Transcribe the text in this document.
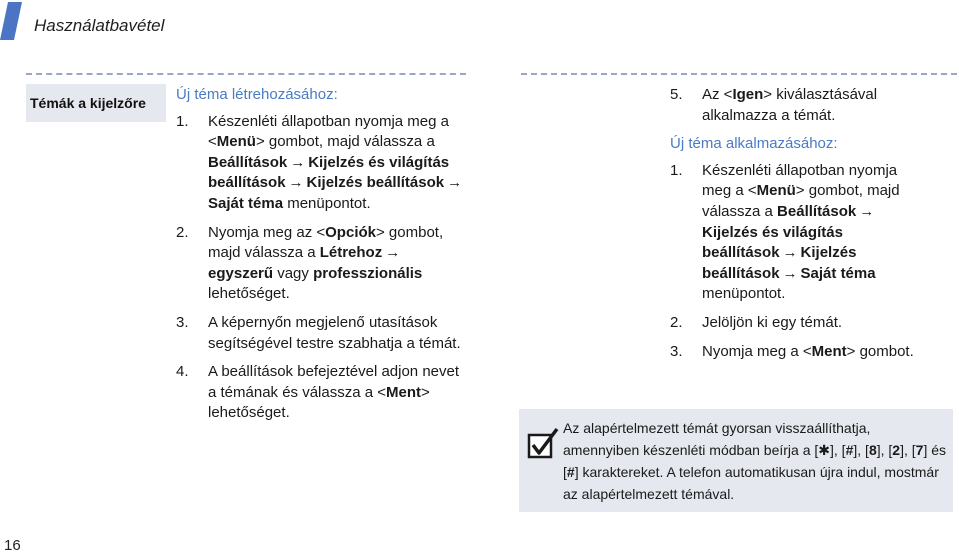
Használatbavétel
Témák a kijelzőre	Új téma létrehozásához:
1.	Készenléti állapotban nyomja meg a <Menü> gombot, majd válassza a Beállítások → Kijelzés és világítás beállítások → Kijelzés beállítások →Saját téma menüpontot.
2.	Nyomja meg az <Opciók> gombot, majd válassza a Létrehoz →egyszerű vagy professzionális lehetőséget.
3.	A képernyőn megjelenő utasítások segítségével testre szabhatja a témát.
4.	A beállítások befejeztével adjon nevet a témának és válassza a <Ment> lehetőséget.
5.	Az <Igen> kiválasztásával alkalmazza a témát.
Új téma alkalmazásához:
1.	Készenléti állapotban nyomja meg a <Menü> gombot, majd válassza a Beállítások →Kijelzés és világítás beállítások → Kijelzés beállítások → Saját téma menüpontot.
2.	Jelöljön ki egy témát.
3.	Nyomja meg a <Ment> gombot.
Az alapértelmezett témát gyorsan visszaállíthatja, amennyiben készenléti módban beírja a [✱], [#], [8], [2], [7] és [#] karaktereket. A telefon automatikusan újra indul, mostmár az alapértelmezett témával.
16
